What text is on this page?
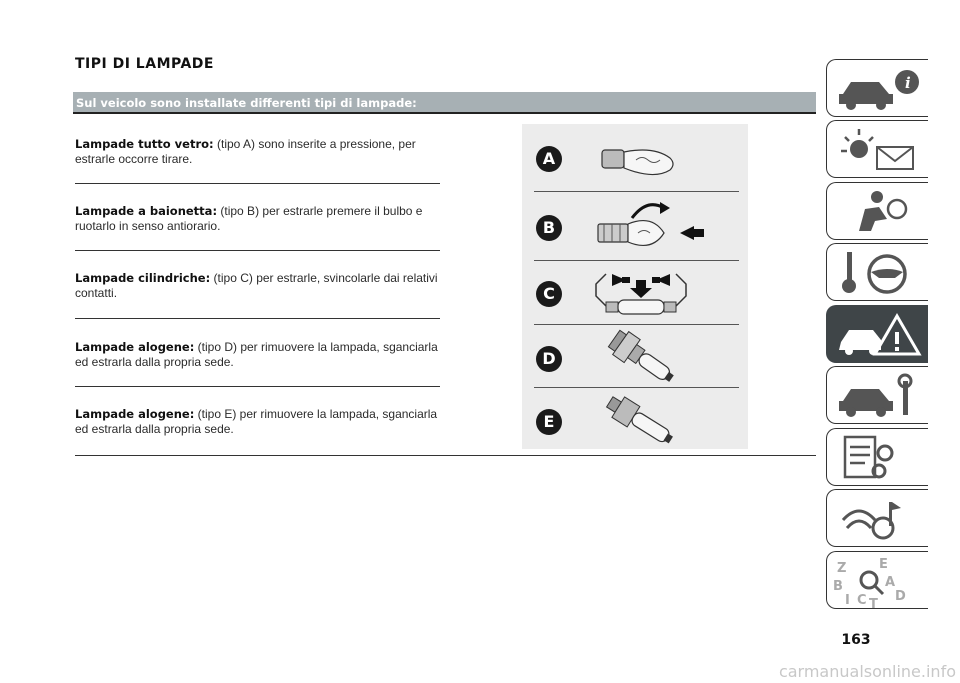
TIPI DI LAMPADE
Sul veicolo sono installate differenti tipi di lampade:
Lampade tutto vetro: (tipo A) sono inserite a pressione, per estrarle occorre tirare.
Lampade a baionetta: (tipo B) per estrarle premere il bulbo e ruotarlo in senso antiorario.
Lampade cilindriche: (tipo C) per estrarle, svincolarle dai relativi contatti.
Lampade alogene: (tipo D) per rimuovere la lampada, sganciarla ed estrarla dalla propria sede.
Lampade alogene: (tipo E) per rimuovere la lampada, sganciarla ed estrarla dalla propria sede.
A
B
C
D
E
i
Z	E
B	A
I C T
D
163
carmanualsonline.info
